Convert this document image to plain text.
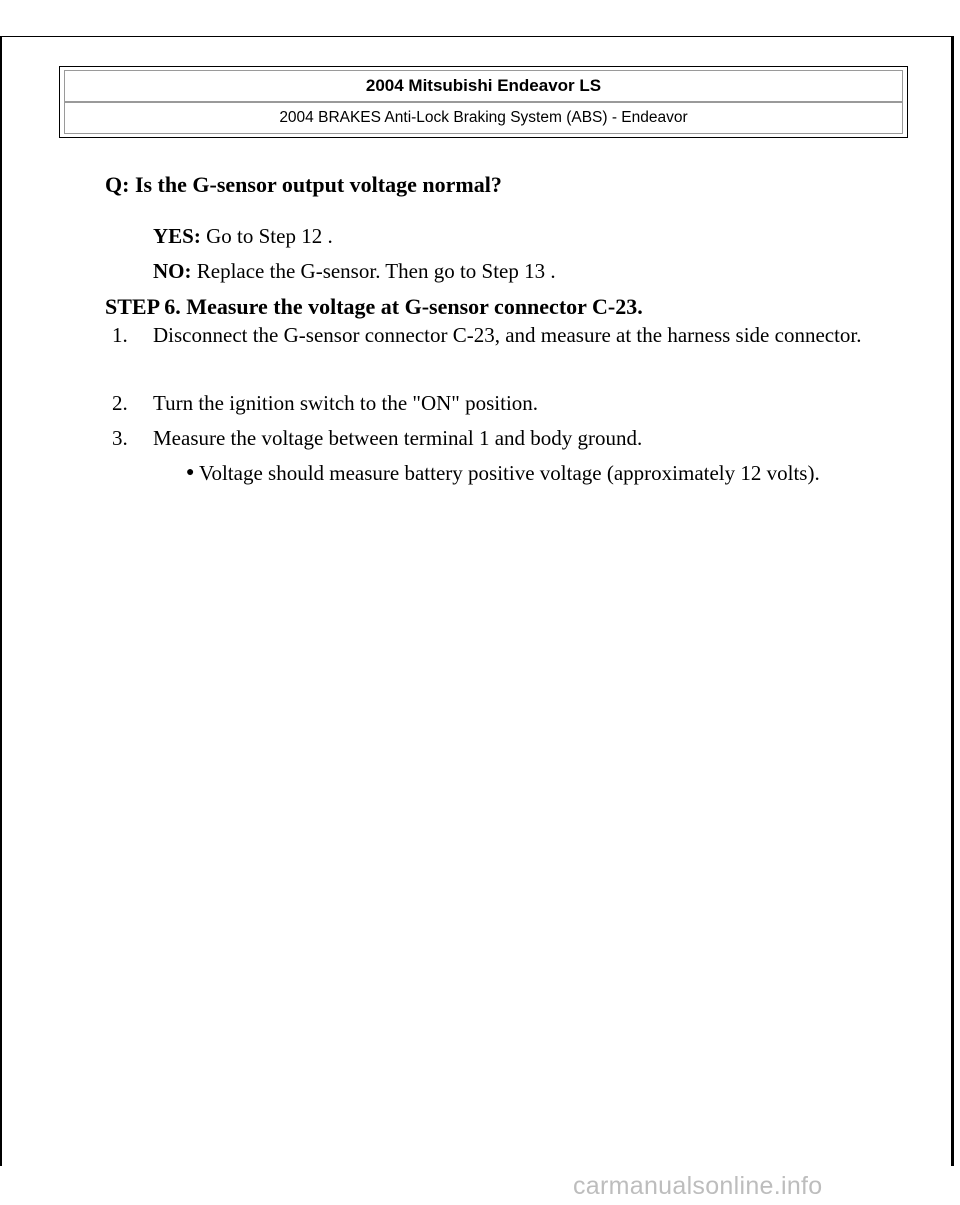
2004 Mitsubishi Endeavor LS
2004 BRAKES Anti-Lock Braking System (ABS) - Endeavor
Q: Is the G-sensor output voltage normal?
YES: Go to Step 12 .
NO: Replace the G-sensor. Then go to Step 13 .
STEP 6. Measure the voltage at G-sensor connector C-23.
1. Disconnect the G-sensor connector C-23, and measure at the harness side connector.
2. Turn the ignition switch to the "ON" position.
3. Measure the voltage between terminal 1 and body ground.
● Voltage should measure battery positive voltage (approximately 12 volts).
carmanualsonline.info
